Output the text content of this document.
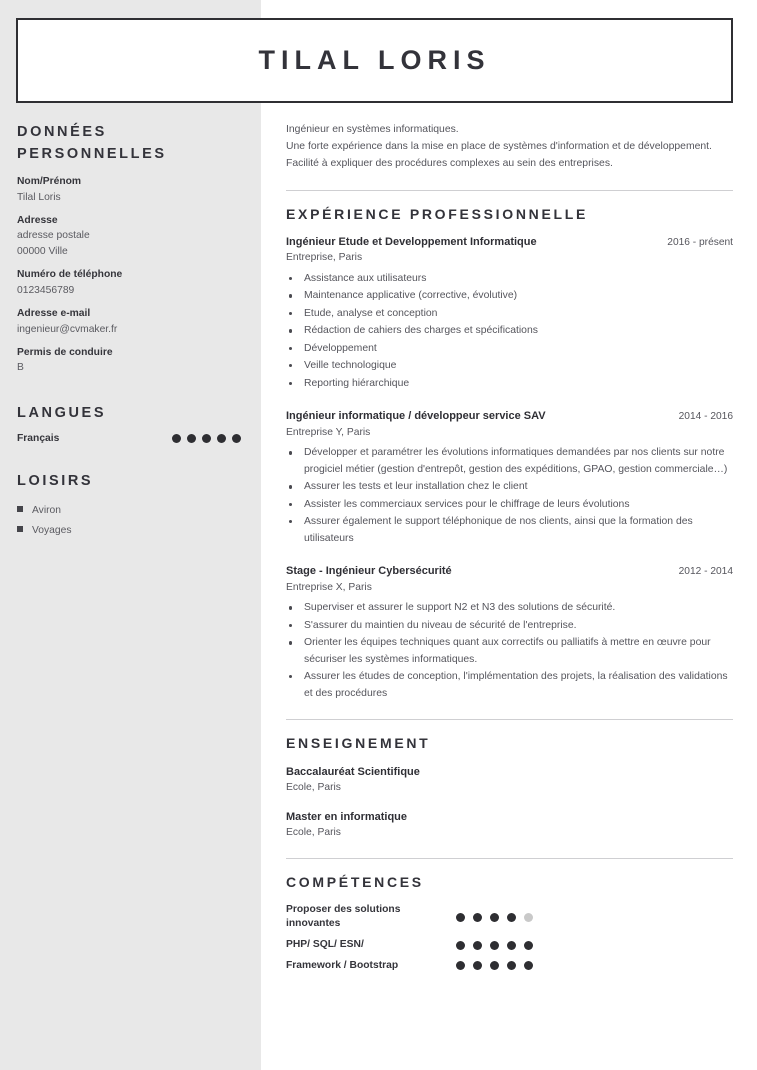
TILAL LORIS
DONNÉES PERSONNELLES
Nom/Prénom
Tilal Loris
Adresse
adresse postale
00000 Ville
Numéro de téléphone
0123456789
Adresse e-mail
ingenieur@cvmaker.fr
Permis de conduire
B
LANGUES
Français
LOISIRS
Aviron
Voyages

Ingénieur en systèmes informatiques.

Une forte expérience dans la mise en place de systèmes d'information et de développement.

Facilité à expliquer des procédures complexes au sein des entreprises.

EXPÉRIENCE PROFESSIONNELLE
Ingénieur Etude et Developpement Informatique	2016 - présent
Entreprise, Paris
Assistance aux utilisateurs
Maintenance applicative (corrective, évolutive)
Etude, analyse et conception
Rédaction de cahiers des charges et spécifications
Développement
Veille technologique
Reporting hiérarchique
Ingénieur informatique / développeur service SAV	2014 - 2016
Entreprise Y, Paris
Développer et paramétrer les évolutions informatiques demandées par nos clients sur notre progiciel métier (gestion d'entrepôt, gestion des expéditions, GPAO, gestion commerciale…)
Assurer les tests et leur installation chez le client
Assister les commerciaux services pour le chiffrage de leurs évolutions
Assurer également le support téléphonique de nos clients, ainsi que la formation des utilisateurs
Stage - Ingénieur Cybersécurité	2012 - 2014
Entreprise X, Paris
Superviser et assurer le support N2 et N3 des solutions de sécurité.
S'assurer du maintien du niveau de sécurité de l'entreprise.
Orienter les équipes techniques quant aux correctifs ou palliatifs à mettre en œuvre pour sécuriser les systèmes informatiques.
Assurer les études de conception, l'implémentation des projets, la réalisation des validations et des procédures
ENSEIGNEMENT
Baccalauréat Scientifique
Ecole, Paris
Master en informatique
Ecole, Paris
COMPÉTENCES
Proposer des solutions innovantes
PHP/ SQL/ ESN/
Framework / Bootstrap
